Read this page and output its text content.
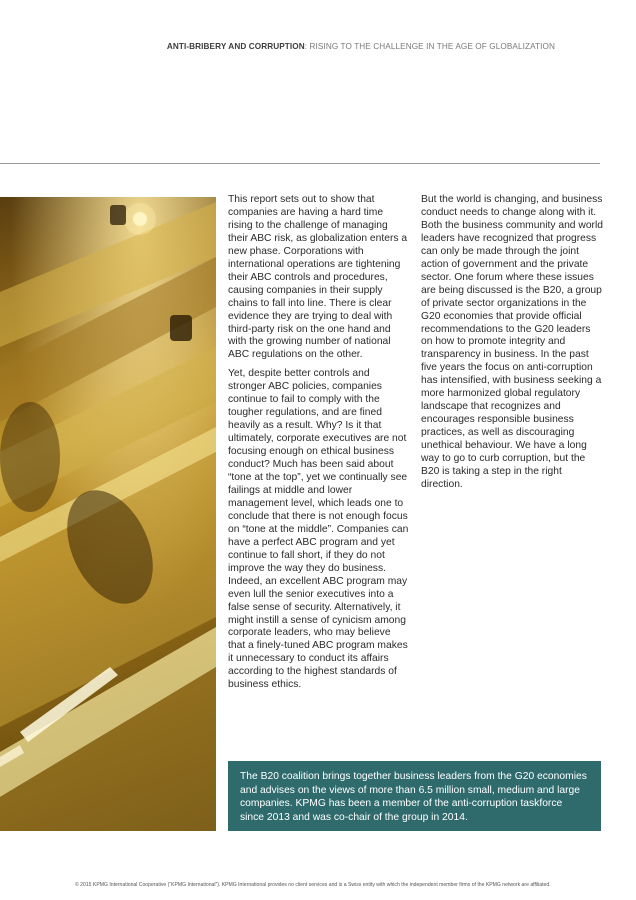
ANTI-BRIBERY AND CORRUPTION: RISING TO THE CHALLENGE IN THE AGE OF GLOBALIZATION

This report sets out to show that companies are having a hard time rising to the challenge of managing their ABC risk, as globalization enters a new phase. Corporations with international operations are tightening their ABC controls and procedures, causing companies in their supply chains to fall into line. There is clear evidence they are trying to deal with third-party risk on the one hand and with the growing number of national ABC regulations on the other.

Yet, despite better controls and stronger ABC policies, companies continue to fail to comply with the tougher regulations, and are fined heavily as a result. Why? Is it that ultimately, corporate executives are not focusing enough on ethical business conduct? Much has been said about “tone at the top”, yet we continually see failings at middle and lower management level, which leads one to conclude that there is not enough focus on “tone at the middle”. Companies can have a perfect ABC program and yet continue to fall short, if they do not improve the way they do business. Indeed, an excellent ABC program may even lull the senior executives into a false sense of security. Alternatively, it might instill a sense of cynicism among corporate leaders, who may believe that a finely-tuned ABC program makes it unnecessary to conduct its affairs according to the highest standards of business ethics.

But the world is changing, and business conduct needs to change along with it. Both the business community and world leaders have recognized that progress can only be made through the joint action of government and the private sector. One forum where these issues are being discussed is the B20, a group of private sector organizations in the G20 economies that provide official recommendations to the G20 leaders on how to promote integrity and transparency in business. In the past five years the focus on anti-corruption has intensified, with business seeking a more harmonized global regulatory landscape that recognizes and encourages responsible business practices, as well as discouraging unethical behaviour. We have a long way to go to curb corruption, but the B20 is taking a step in the right direction.

The B20 coalition brings together business leaders from the G20 economies and advises on the views of more than 6.5 million small, medium and large companies. KPMG has been a member of the anti-corruption taskforce since 2013 and was co-chair of the group in 2014.

© 2015 KPMG International Cooperative (“KPMG International”). KPMG International provides no client services and is a Swiss entity with which the independent member firms of the KPMG network are affiliated.
